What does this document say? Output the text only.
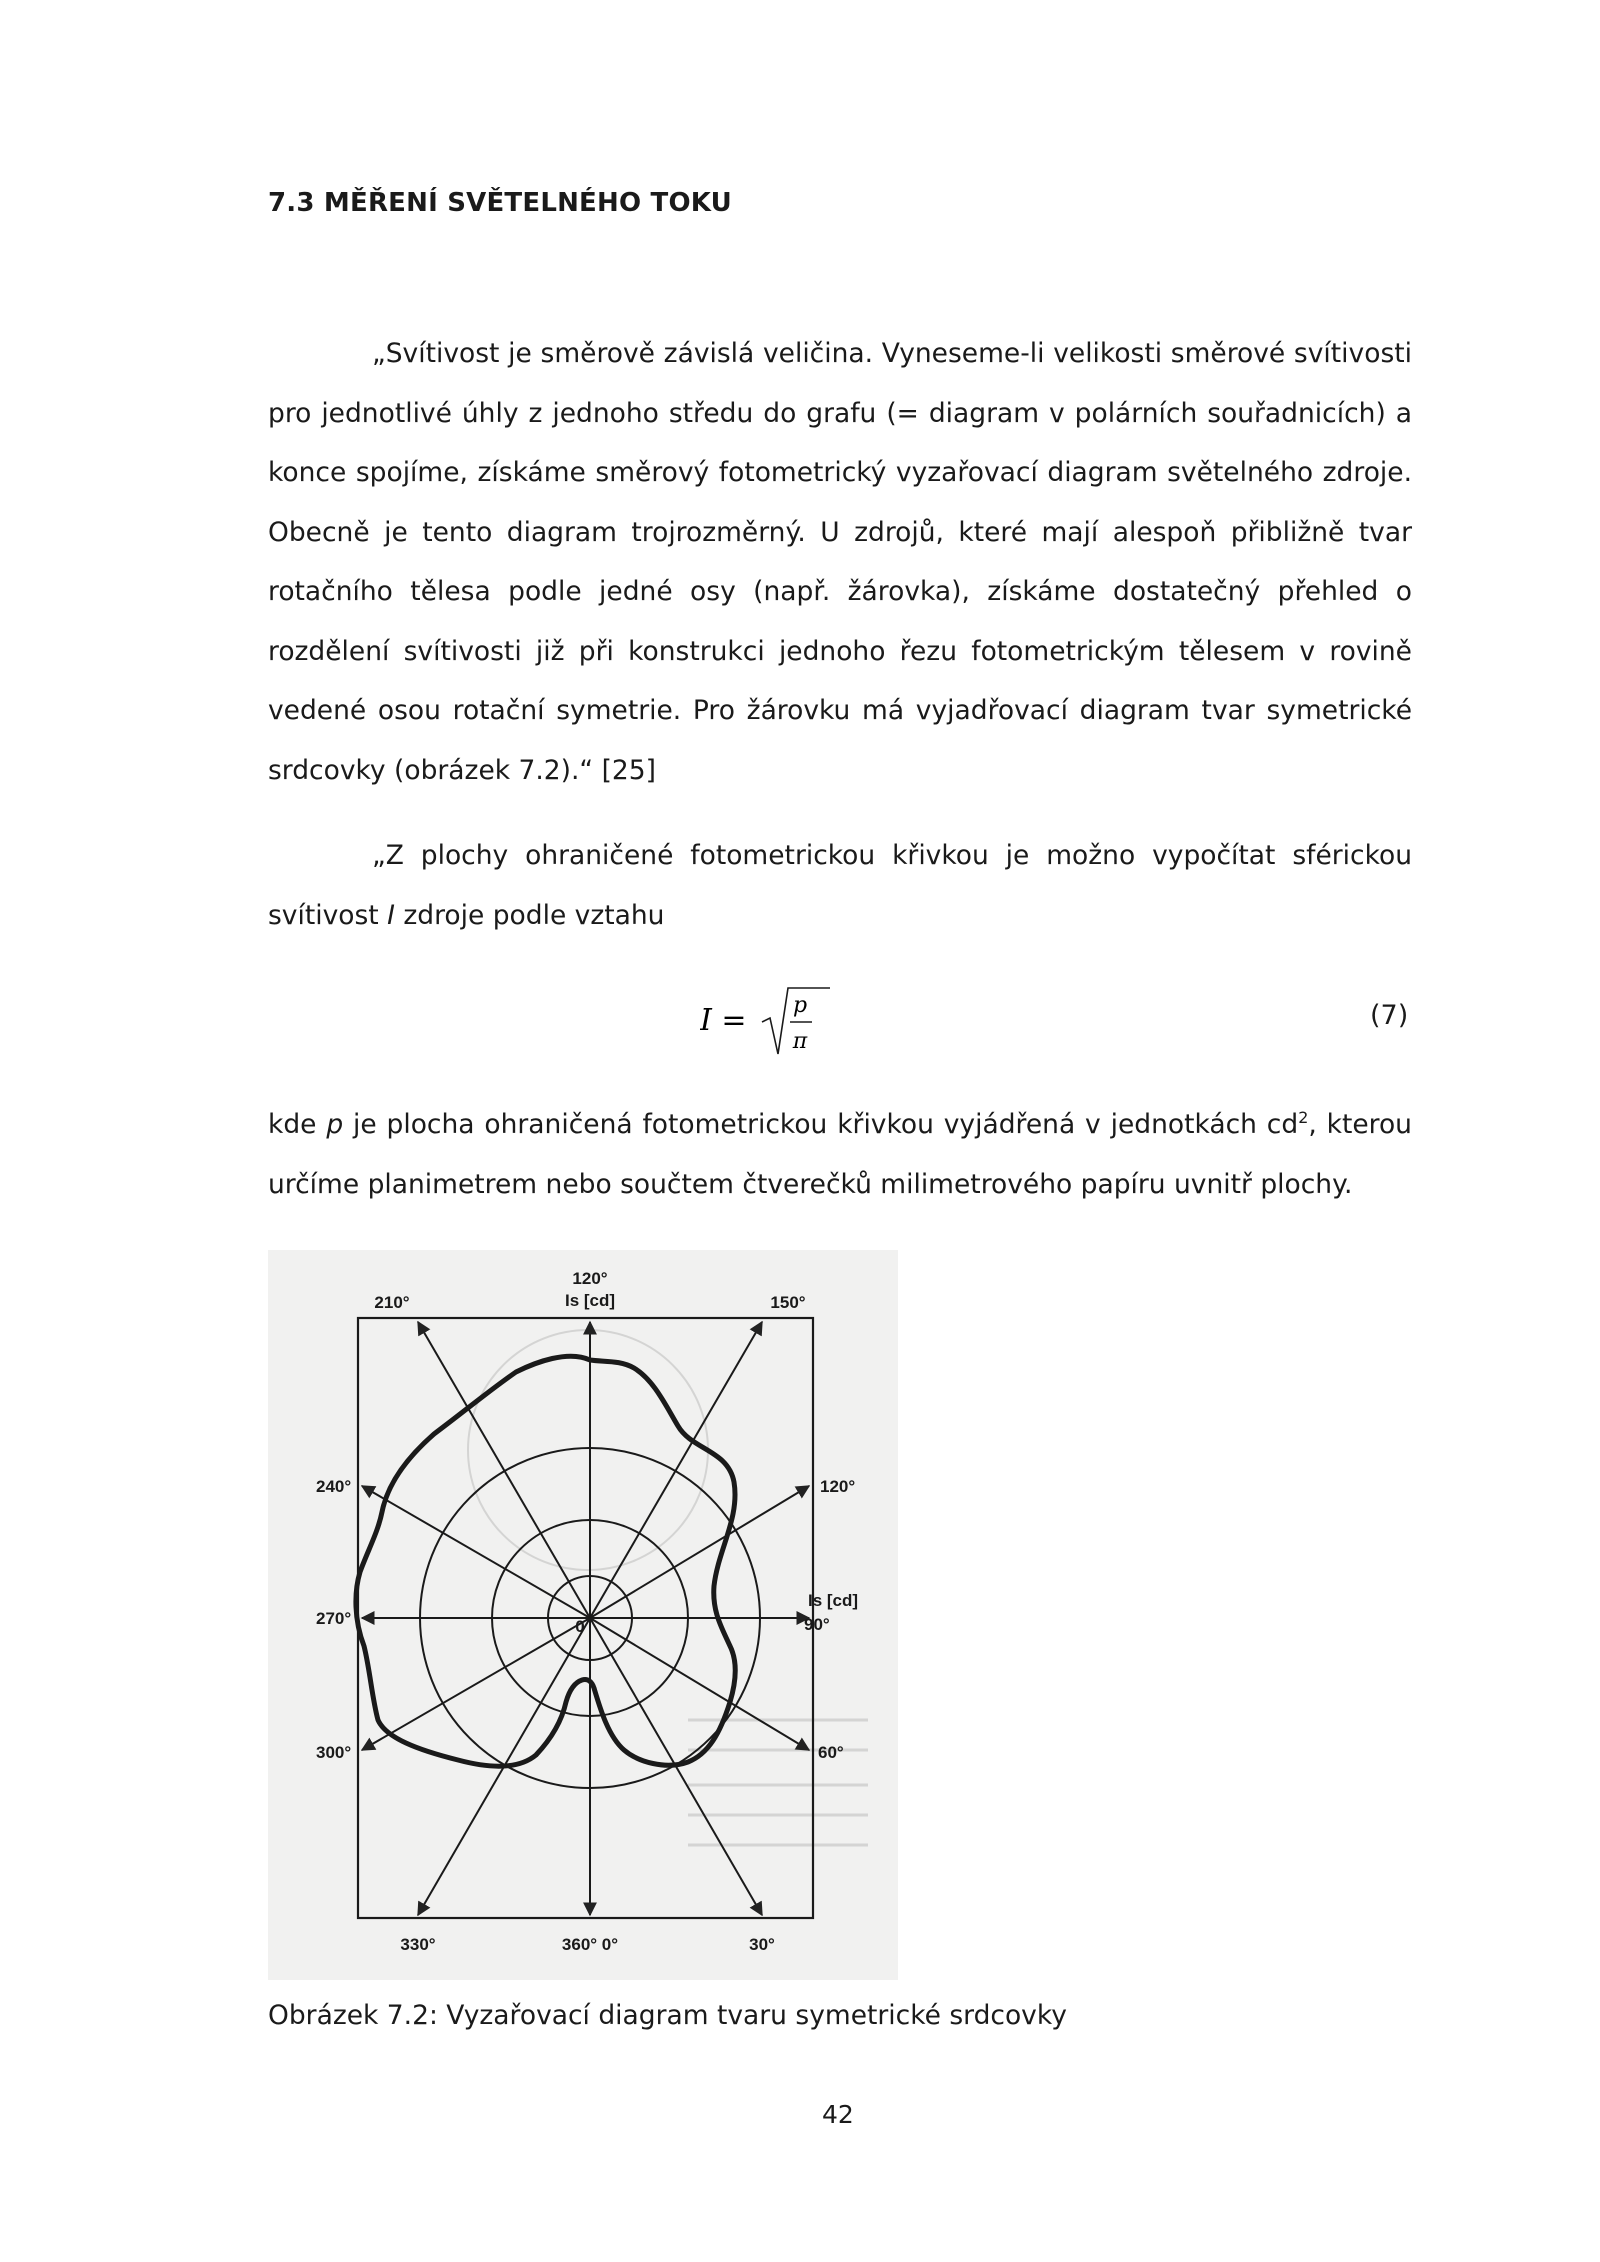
7.3 MĚŘENÍ SVĚTELNÉHO TOKU

„Svítivost je směrově závislá veličina. Vyneseme-li velikosti směrové svítivosti pro jednotlivé úhly z jednoho středu do grafu (= diagram v polárních souřadnicích) a konce spojíme, získáme směrový fotometrický vyzařovací diagram světelného zdroje. Obecně je tento diagram trojrozměrný. U zdrojů, které mají alespoň přibližně tvar rotačního tělesa podle jedné osy (např. žárovka), získáme dostatečný přehled o rozdělení svítivosti již při konstrukci jednoho řezu fotometrickým tělesem v rovině vedené osou rotační symetrie. Pro žárovku má vyjadřovací diagram tvar symetrické srdcovky (obrázek 7.2).“ [25]

„Z plochy ohraničené fotometrickou křivkou je možno vypočítat sférickou svítivost I zdroje podle vztahu

I = p
π
(7)

kde p je plocha ohraničená fotometrickou křivkou vyjádřená v jednotkách $cd^2$, kterou určíme planimetrem nebo součtem čtverečků milimetrového papíru uvnitř plochy.

120°
Is [cd]
210°	150°
240°	120°
270°
Is [cd]
90°
300°	60°
330°	360° 0°	30°
0
Obrázek 7.2: Vyzařovací diagram tvaru symetrické srdcovky
42
